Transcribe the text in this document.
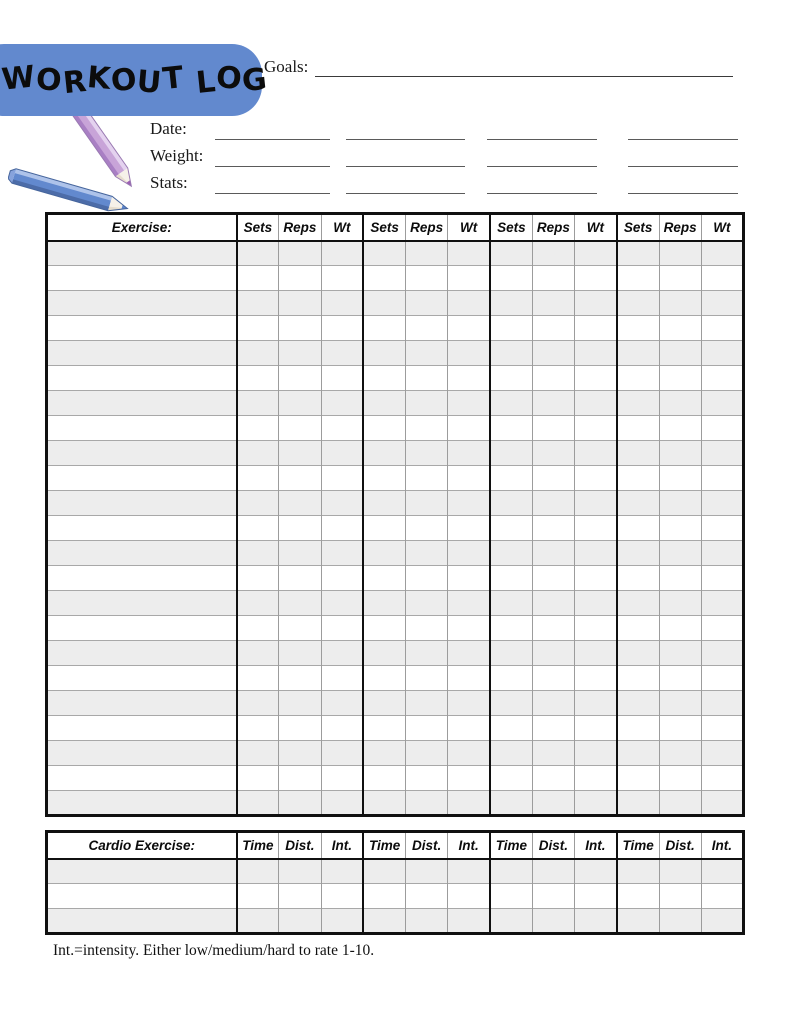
WORKOUT LOG
Goals:
Date:
Weight:
Stats:
Exercise:	Sets	Reps	Wt	Sets	Reps	Wt	Sets	Reps	Wt	Sets	Reps	Wt

Cardio Exercise:	Time	Dist.	Int.	Time	Dist.	Int.	Time	Dist.	Int.	Time	Dist.	Int.

Int.=intensity. Either low/medium/hard to rate 1-10.
